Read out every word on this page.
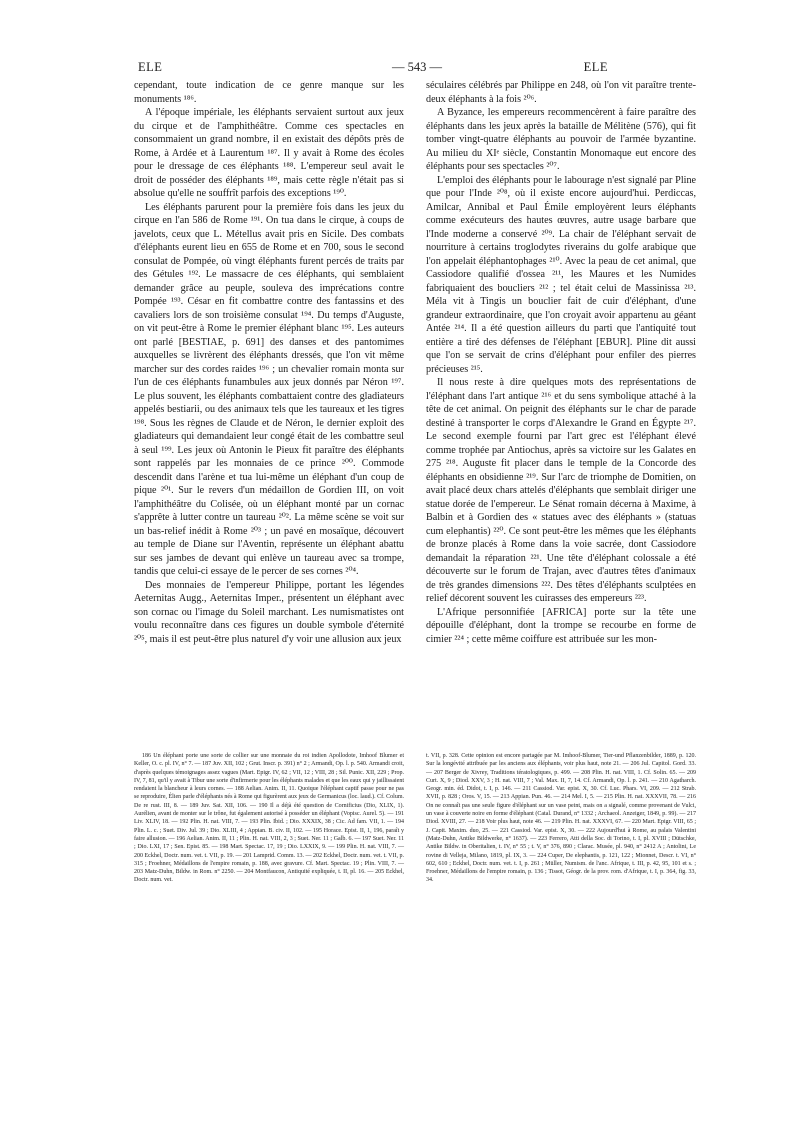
ELE	— 543 —	ELE

cependant, toute indication de ce genre manque sur les monuments ¹⁸⁶.

A l'époque impériale, les éléphants servaient surtout aux jeux du cirque et de l'amphithéâtre. Comme ces spectacles en consommaient un grand nombre, il en existait des dépôts près de Rome, à Ardée et à Laurentum ¹⁸⁷. Il y avait à Rome des écoles pour le dressage de ces éléphants ¹⁸⁸. L'empereur seul avait le droit de posséder des éléphants ¹⁸⁹, mais cette règle n'était pas si absolue qu'elle ne souffrît parfois des exceptions ¹⁹⁰.

Les éléphants parurent pour la première fois dans les jeux du cirque en l'an 586 de Rome ¹⁹¹. On tua dans le cirque, à coups de javelots, ceux que L. Métellus avait pris en Sicile. Des combats d'éléphants eurent lieu en 655 de Rome et en 700, sous le second consulat de Pompée, où vingt éléphants furent percés de traits par des Gétules ¹⁹². Le massacre de ces éléphants, qui semblaient demander grâce au peuple, souleva des imprécations contre Pompée ¹⁹³. César en fit combattre contre des fantassins et des cavaliers lors de son troisième consulat ¹⁹⁴. Du temps d'Auguste, on vit peut-être à Rome le premier éléphant blanc ¹⁹⁵. Les auteurs ont parlé [BESTIAE, p. 691] des danses et des pantomimes auxquelles se livrèrent des éléphants dressés, que l'on vit même marcher sur des cordes raides ¹⁹⁶ ; un chevalier romain monta sur l'un de ces éléphants funambules aux jeux donnés par Néron ¹⁹⁷. Le plus souvent, les éléphants combattaient contre des gladiateurs appelés bestiarii, ou des animaux tels que les taureaux et les tigres ¹⁹⁸. Sous les règnes de Claude et de Néron, le dernier exploit des gladiateurs qui demandaient leur congé était de les combattre seul à seul ¹⁹⁹. Les jeux où Antonin le Pieux fit paraître des éléphants sont rappelés par les monnaies de ce prince ²⁰⁰. Commode descendit dans l'arène et tua lui-même un éléphant d'un coup de pique ²⁰¹. Sur le revers d'un médaillon de Gordien III, on voit l'amphithéâtre du Colisée, où un éléphant monté par un cornac s'apprête à lutter contre un taureau ²⁰². La même scène se voit sur un bas-relief inédit à Rome ²⁰³ ; un pavé en mosaïque, découvert au temple de Diane sur l'Aventin, représente un éléphant abattu sur ses jambes de devant qui enlève un taureau avec sa trompe, tandis que celui-ci essaye de le percer de ses cornes ²⁰⁴.

Des monnaies de l'empereur Philippe, portant les légendes Aeternitas Augg., Aeternitas Imper., présentent un éléphant avec son cornac ou l'image du Soleil marchant. Les numismatistes ont voulu reconnaître dans ces figures un double symbole d'éternité ²⁰⁵, mais il est peut-être plus naturel d'y voir une allusion aux jeux

séculaires célébrés par Philippe en 248, où l'on vit paraître trente-deux éléphants à la fois ²⁰⁶.

A Byzance, les empereurs recommencèrent à faire paraître des éléphants dans les jeux après la bataille de Mélitène (576), qui fit tomber vingt-quatre éléphants au pouvoir de l'armée byzantine. Au milieu du XIᵉ siècle, Constantin Monomaque eut encore des éléphants pour ses spectacles ²⁰⁷.

L'emploi des éléphants pour le labourage n'est signalé par Pline que pour l'Inde ²⁰⁸, où il existe encore aujourd'hui. Perdiccas, Amilcar, Annibal et Paul Émile employèrent leurs éléphants comme exécuteurs des hautes œuvres, autre usage barbare que l'Inde moderne a conservé ²⁰⁹. La chair de l'éléphant servait de nourriture à certains troglodytes riverains du golfe arabique que l'on appelait éléphantophages ²¹⁰. Avec la peau de cet animal, que Cassiodore qualifié d'ossea ²¹¹, les Maures et les Numides fabriquaient des boucliers ²¹² ; tel était celui de Massinissa ²¹³. Méla vit à Tingis un bouclier fait de cuir d'éléphant, d'une grandeur extraordinaire, que l'on croyait avoir appartenu au géant Antée ²¹⁴. Il a été question ailleurs du parti que l'antiquité tout entière a tiré des défenses de l'éléphant [EBUR]. Pline dit aussi que l'on se servait de crins d'éléphant pour enfiler des pierres précieuses ²¹⁵.

Il nous reste à dire quelques mots des représentations de l'éléphant dans l'art antique ²¹⁶ et du sens symbolique attaché à la tête de cet animal. On peignit des éléphants sur le char de parade destiné à transporter le corps d'Alexandre le Grand en Égypte ²¹⁷. Le second exemple fourni par l'art grec est l'éléphant élevé comme trophée par Antiochus, après sa victoire sur les Galates en 275 ²¹⁸. Auguste fit placer dans le temple de la Concorde des éléphants en obsidienne ²¹⁹. Sur l'arc de triomphe de Domitien, on avait placé deux chars attelés d'éléphants que semblait diriger une statue dorée de l'empereur. Le Sénat romain décerna à Maxime, à Balbin et à Gordien des « statues avec des éléphants » (statuas cum elephantis) ²²⁰. Ce sont peut-être les mêmes que les éléphants de bronze placés à Rome dans la voie sacrée, dont Cassiodore demandait la réparation ²²¹. Une tête d'éléphant colossale a été découverte sur le forum de Trajan, avec d'autres têtes d'animaux de très grandes dimensions ²²². Des têtes d'éléphants sculptées en relief décorent souvent les cuirasses des empereurs ²²³.

L'Afrique personnifiée [AFRICA] porte sur la tête une dépouille d'éléphant, dont la trompe se recourbe en forme de cimier ²²⁴ ; cette même coiffure est attribuée sur les mon-

186 Un éléphant porte une sorte de collier sur une monnaie du roi indien Apollodote, Imhoof Blumer et Keller, O. c. pl. IV, n° 7. — 187 Juv. XII, 102 ; Grut. Inscr. p. 391) n° 2 ; Armandi, Op. l. p. 540. Armandi croit, d'après quelques témoignages assez vagues (Mart. Epigr. IV, 62 ; VII, 12 ; VIII, 28 ; Sil. Punic. XII, 229 ; Prop. IV, 7, 81, qu'il y avait à Tibur une sorte d'infirmerie pour les éléphants malades et que les eaux qui y jaillissaient rendaient la blancheur à leurs cornes. — 188 Aelian. Anim. II, 11. Quoique l'éléphant captif passe pour ne pas se reproduire, Élien parle d'éléphants nés à Rome qui figurèrent aux jeux de Germanicus (loc. laud.). Cf. Colum. De re rust. III, 8. — 189 Juv. Sat. XII, 106. — 190 Il a déjà été question de Cornificius (Dio, XLIX, 1). Aurélien, avant de monter sur le trône, fut également autorisé à posséder un éléphant (Vopisc. Aurel. 5). — 191 Liv. XLIV, 18. — 192 Plin. H. nat. VIII, 7. — 193 Plin. Ibid. ; Dio. XXXIX, 38 ; Cic. Ad fam. VII, 1. — 194 Plin. L. c. ; Suet. Div. Jul. 39 ; Dio. XLIII, 4 ; Appian. B. civ. II, 102. — 195 Horace. Epist. II, 1, 196, paraît y faire allusion. — 196 Aelian. Anim. II, 11 ; Plin. H. nat. VIII, 2, 3 ; Suet. Ner. 11 ; Galb. 6. — 197 Suet. Ner. 11 ; Dio. LXI, 17 ; Sen. Epist. 85. — 198 Mart. Spectac. 17, 19 ; Dio. LXXIX, 9. — 199 Plin. H. nat. VIII, 7. — 200 Eckhel, Doctr. num. vet. t. VII, p. 19. — 201 Lamprid. Comm. 13. — 202 Eckhel, Doctr. num. vet. t. VII, p. 315 ; Froehner, Médaillons de l'empire romain, p. 188, avec gravure. Cf. Mart. Spectac. 19 ; Plin. VIII, 7. — 203 Matz-Duhn, Bildw. in Rom. n° 2250. — 204 Montfaucon, Antiquité expliquée, t. II, pl. 16. — 205 Eckhel, Doctr. num. vet.

t. VII, p. 328. Cette opinion est encore partagée par M. Imhoof-Blumer, Tier-und Pflanzenbilder, 1889, p. 120. Sur la longévité attribuée par les anciens aux éléphants, voir plus haut, note 21. — 206 Jul. Capitol. Gord. 33. — 207 Berger de Xivrey, Traditions tératologiques, p. 499. — 208 Plin. H. nat. VIII, 1. Cf. Solin. 65. — 209 Curt. X, 9 ; Diod. XXV, 3 ; H. nat. VIII, 7 ; Val. Max. II, 7, 14. Cf. Armandi, Op. l. p. 241. — 210 Agatharch. Geogr. min. éd. Didot, t. I, p. 146. — 211 Cassiod. Var. epist. X, 30. Cf. Luc. Phars. VI, 209. — 212 Strab. XVII, p. 828 ; Oros. V, 15. — 213 Appian. Pun. 46. — 214 Mel. I, 5. — 215 Plin. H. nat. XXXVII, 78. — 216 On ne connaît pas une seule figure d'éléphant sur un vase peint, mais on a signalé, comme provenant de Vulci, un vase à couverte noire en forme d'éléphant (Catal. Durand, n° 1332 ; Archaeol. Anzeiger, 1849, p. 99). — 217 Diod. XVIII, 27. — 218 Voir plus haut, note 46. — 219 Plin. H. nat. XXXVI, 67. — 220 Mart. Epigr. VIII, 65 ; J. Capit. Maxim. duo, 25. — 221 Cassiod. Var. epist. X, 30. — 222 Aujourd'hui à Rome, au palais Valentini (Matz-Duhn, Antike Bildwerke, n° 1637). — 223 Ferrero, Atti della Soc. di Torino, t. I, pl. XVIII ; Dütschke, Antike Bildw. in Oberitalien, t. IV, n° 55 ; t. V, n° 376, 890 ; Clarac. Musée, pl. 940, n° 2412 A ; Antolini, Le rovine di Velleja, Milano, 1819, pl. IX, 3. — 224 Cuper, De elephantis, p. 121, 122 ; Mionnet, Descr. t. VI, n° 602, 610 ; Eckhel, Doctr. num. vet. t. I, p. 261 ; Müller, Numism. de l'anc. Afrique, t. III, p. 42, 95, 101 et s. ; Froehner, Médaillons de l'empire romain, p. 136 ; Tissot, Géogr. de la prov. rom. d'Afrique, t. I, p. 364, fig. 33, 34.
